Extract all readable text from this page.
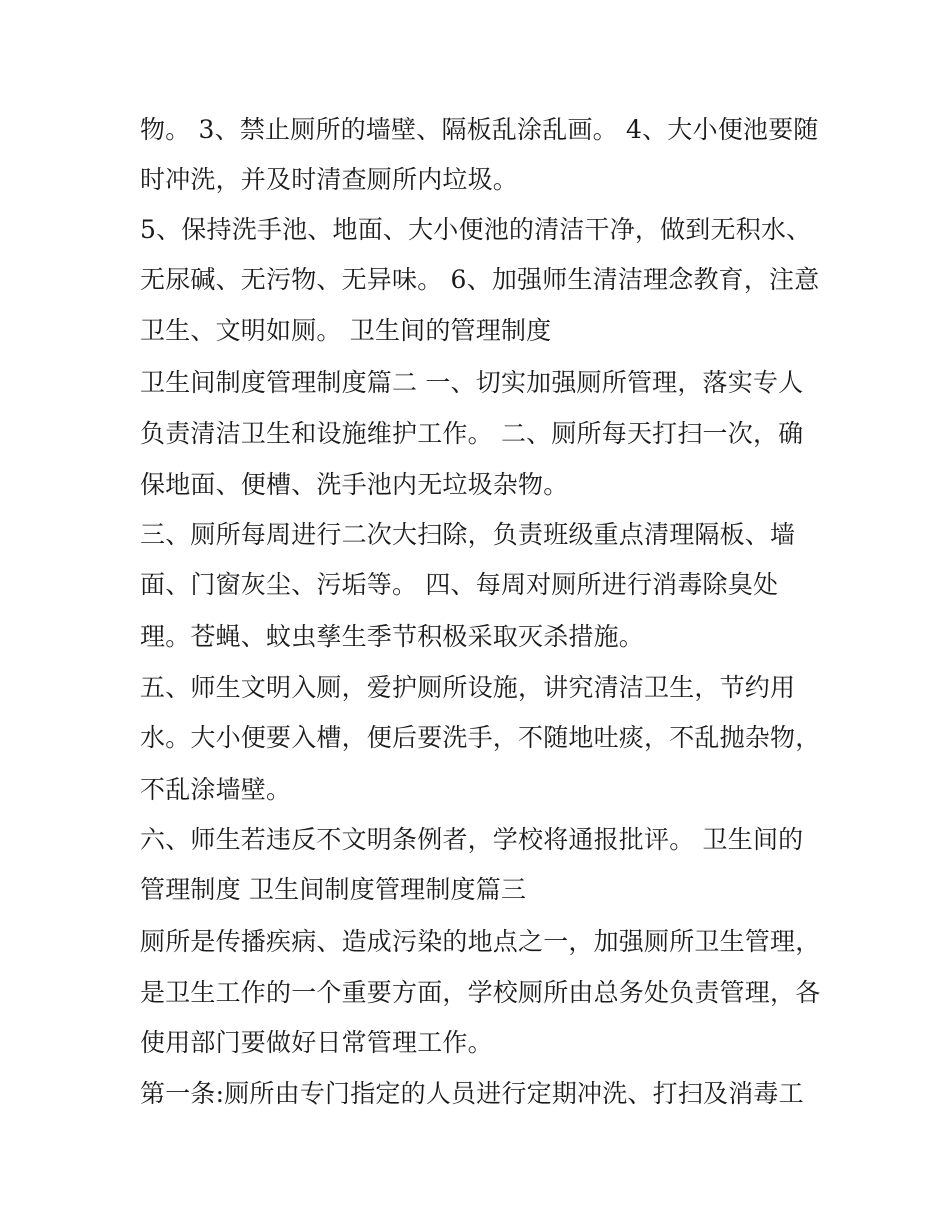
物。 3、禁止厕所的墙壁、隔板乱涂乱画。 4、大小便池要随
时冲洗，并及时清查厕所内垃圾。
5、保持洗手池、地面、大小便池的清洁干净，做到无积水、
无尿碱、无污物、无异味。 6、加强师生清洁理念教育，注意
卫生、文明如厕。 卫生间的管理制度
卫生间制度管理制度篇二 一、切实加强厕所管理，落实专人
负责清洁卫生和设施维护工作。 二、厕所每天打扫一次，确
保地面、便槽、洗手池内无垃圾杂物。
三、厕所每周进行二次大扫除，负责班级重点清理隔板、墙
面、门窗灰尘、污垢等。 四、每周对厕所进行消毒除臭处
理。苍蝇、蚊虫孳生季节积极采取灭杀措施。
五、师生文明入厕，爱护厕所设施，讲究清洁卫生，节约用
水。大小便要入槽，便后要洗手，不随地吐痰，不乱抛杂物，
不乱涂墙壁。
六、师生若违反不文明条例者，学校将通报批评。 卫生间的
管理制度 卫生间制度管理制度篇三
厕所是传播疾病、造成污染的地点之一，加强厕所卫生管理，
是卫生工作的一个重要方面，学校厕所由总务处负责管理，各
使用部门要做好日常管理工作。
第一条:厕所由专门指定的人员进行定期冲洗、打扫及消毒工
